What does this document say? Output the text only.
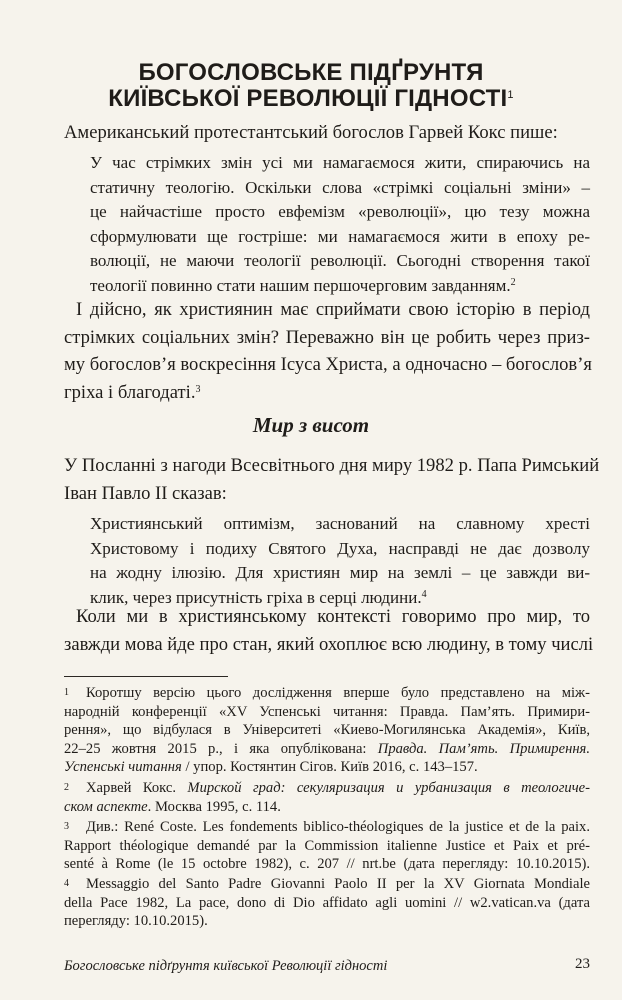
БОГОСЛОВСЬКЕ ПІДҐРУНТЯ
КИЇВСЬКОЇ РЕВОЛЮЦІЇ ГІДНОСТІ$^1$
Американський протестантський богослов Гарвей Кокс пише:
У час стрімких змін усі ми намагаємося жити, спираючись на
статичну теологію. Оскільки слова «стрімкі соціальні зміни» –
це найчастіше просто евфемізм «революції», цю тезу можна
сформулювати ще гостріше: ми намагаємося жити в епоху ре-
волюції, не маючи теології революції. Сьогодні створення такої
теології повинно стати нашим першочерговим завданням.$^2$
І дійсно, як християнин має сприймати свою історію в період
стрімких соціальних змін? Переважно він це робить через приз-
му богослов’я воскресіння Ісуса Христа, а одночасно – богослов’я
гріха і благодаті.$^3$
Мир з висот
У Посланні з нагоди Всесвітнього дня миру 1982 р. Папа Римський
Іван Павло ІІ сказав:
Християнський оптимізм, заснований на славному хресті
Христовому і подиху Святого Духа, насправді не дає дозволу
на жодну ілюзію. Для християн мир на землі – це завжди ви-
клик, через присутність гріха в серці людини.$^4$
Коли ми в християнському контексті говоримо про мир, то
завжди мова йде про стан, який охоплює всю людину, в тому числі
1 Коротшу версію цього дослідження вперше було представлено на між-
народній конференції «XV Успенські читання: Правда. Пам’ять. Примири-
рення», що відбулася в Університеті «Киево-Могилянська Академія», Київ,
22–25 жовтня 2015 р., і яка опублікована: Правда. Пам’ять. Примирення.
Успенські читання / упор. Костянтин Сігов. Київ 2016, с. 143–157.
2 Харвей Кокс. Мирской град: секуляризация и урбанизация в теологиче-
ском аспекте. Москва 1995, с. 114.
3 Див.: René Coste. Les fondements biblico-théologiques de la justice et de la paix.
Rapport théologique demandé par la Commission italienne Justice et Paix et pré-
senté à Rome (le 15 octobre 1982), c. 207 // nrt.be (дата перегляду: 10.10.2015).
4 Messaggio del Santo Padre Giovanni Paolo II per la XV Giornata Mondiale
della Pace 1982, La pace, dono di Dio affidato agli uomini // w2.vatican.va (дата
перегляду: 10.10.2015).
Богословське підґрунтя київської Революції гідності	23
